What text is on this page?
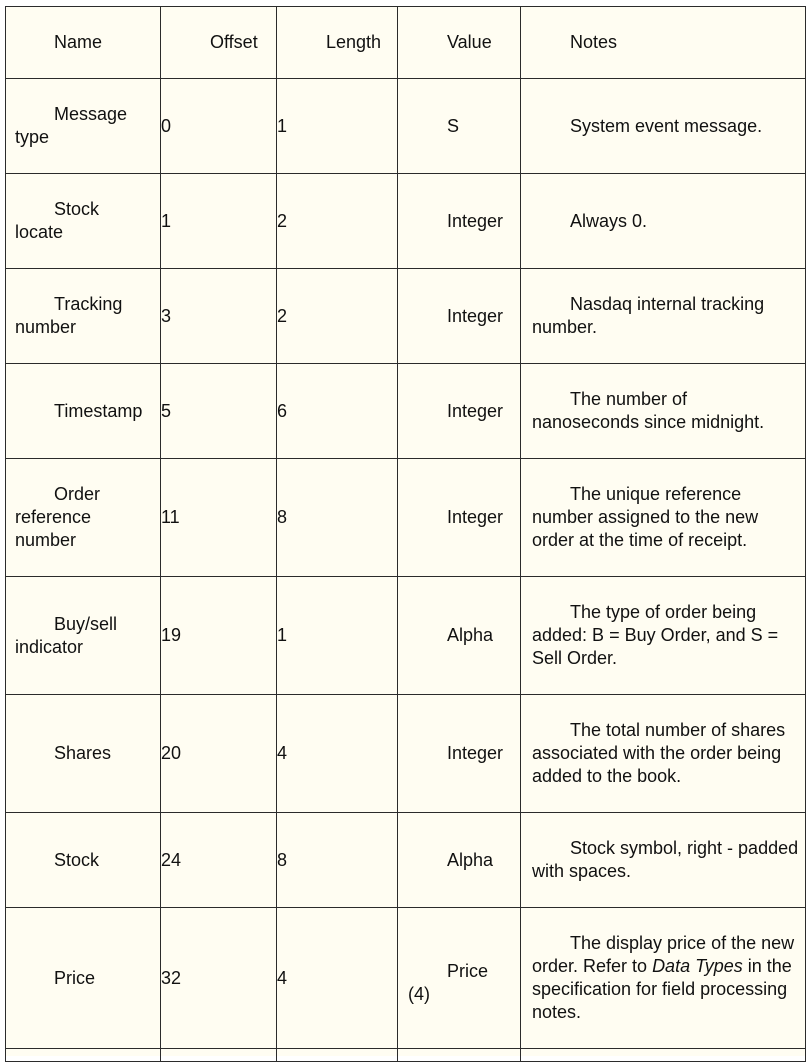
Name	Offset	Length	Value	Notes

Message type	0	1	S	System event message.

Stock locate	1	2	Integer	Always 0.

Tracking number	3	2	Integer	Nasdaq internal tracking number.

Timestamp	5	6	Integer	The number of nanoseconds since midnight.

Order reference number	11	8	Integer	The unique reference number assigned to the new order at the time of receipt.

Buy/sell indicator	19	1	Alpha	The type of order being added: B = Buy Order, and S = Sell Order.

Shares	20	4	Integer	The total number of shares associated with the order being added to the book.

Stock	24	8	Alpha	Stock symbol, right - padded with spaces.

Price	32	4	Price (4)	The display price of the new order. Refer to Data Types in the specification for field processing notes.
